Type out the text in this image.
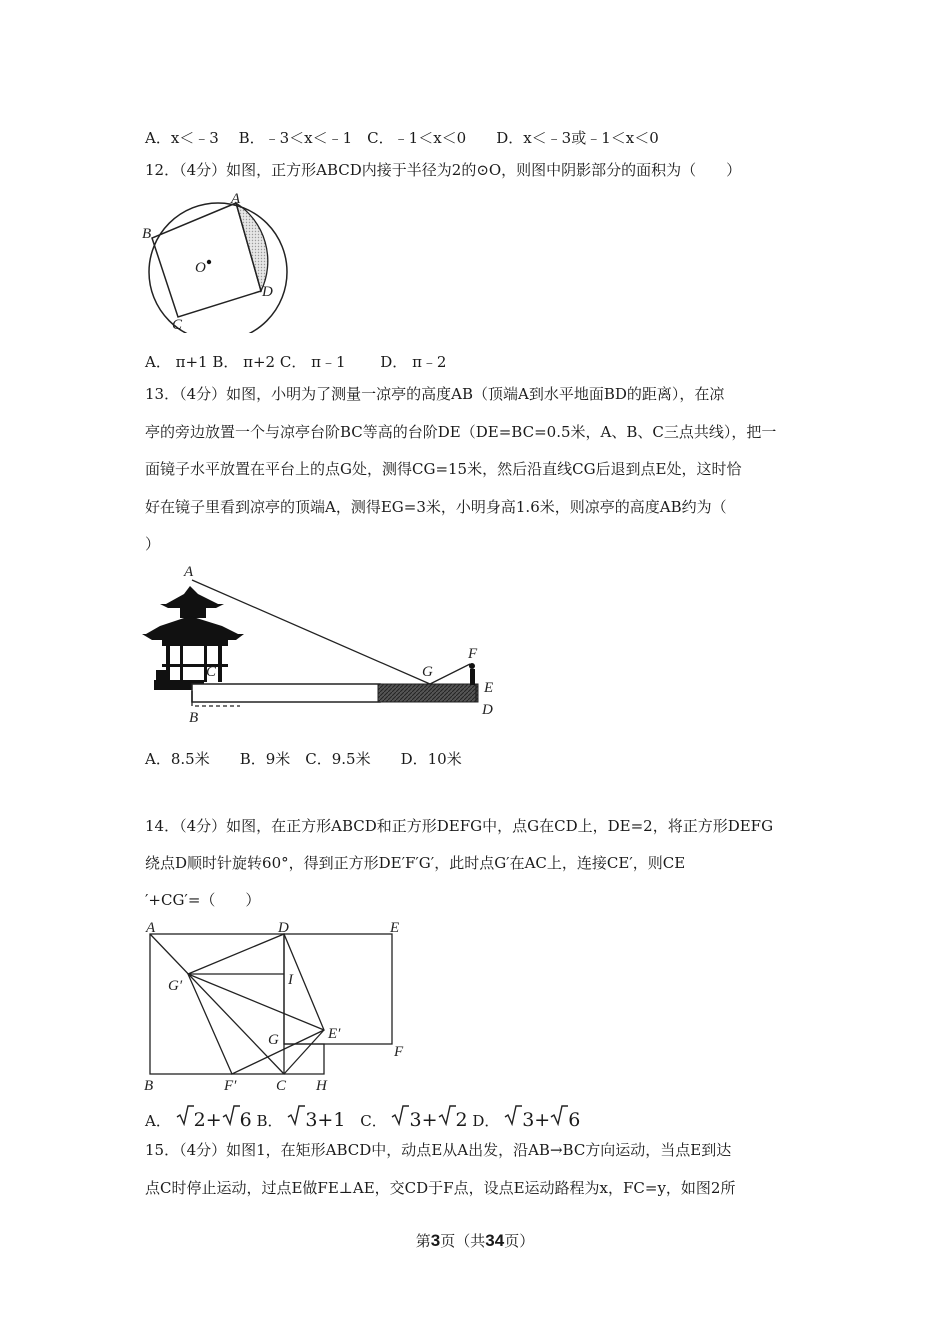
A．x＜﹣3　 B．﹣3＜x＜﹣1　C．﹣1＜x＜0　　D．x＜﹣3或﹣1＜x＜0
12．（4分）如图，正方形ABCD内接于半径为2的⊙O，则图中阴影部分的面积为（　　）
A
B
O
D
C
A． π+1 B． π+2 C． π﹣1 　　D． π﹣2
13．（4分）如图，小明为了测量一凉亭的高度AB（顶端A到水平地面BD的距离），在凉
亭的旁边放置一个与凉亭台阶BC等高的台阶DE（DE=BC=0.5米，A、B、C三点共线），把一
面镜子水平放置在平台上的点G处，测得CG=15米，然后沿直线CG后退到点E处，这时恰
好在镜子里看到凉亭的顶端A，测得EG=3米，小明身高1.6米，则凉亭的高度AB约为（
）
A
C
B
G
F
E
D
A．8.5米　　B．9米　C．9.5米　　D．10米
14．（4分）如图，在正方形ABCD和正方形DEFG中，点G在CD上，DE=2，将正方形DEFG
绕点D顺时针旋转60°，得到正方形DE′F′G′，此时点G′在AC上，连接CE′，则CE
′+CG′=（　　）
A	D	E
G′	I
E′
G
F
B	F′	C H
A． 2+ 6 B． 3+1 C． 3+ 2 D． 3+ 6
15．（4分）如图1，在矩形ABCD中，动点E从A出发，沿AB→BC方向运动，当点E到达
点C时停止运动，过点E做FE⊥AE，交CD于F点，设点E运动路程为x，FC=y，如图2所
第3页（共34页）
